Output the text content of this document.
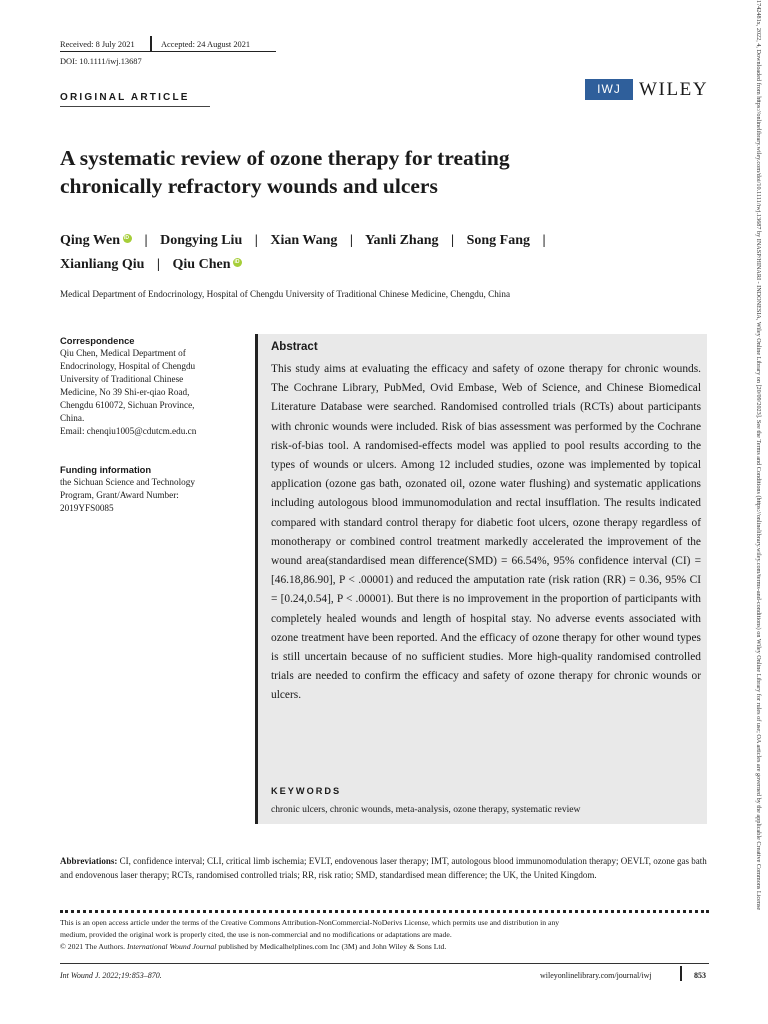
Received: 8 July 2021	Accepted: 24 August 2021
DOI: 10.1111/iwj.13687
ORIGINAL ARTICLE
IWJ WILEY
A systematic review of ozone therapy for treating
chronically refractory wounds and ulcers
Qing WeniD | Dongying Liu | Xian Wang | Yanli Zhang | Song Fang |
Xianliang Qiu | Qiu CheniD
Medical Department of Endocrinology, Hospital of Chengdu University of Traditional Chinese Medicine, Chengdu, China
Correspondence
Qiu Chen, Medical Department of
Endocrinology, Hospital of Chengdu
University of Traditional Chinese
Medicine, No 39 Shi-er-qiao Road,
Chengdu 610072, Sichuan Province,
China.
Email: chenqiu1005@cdutcm.edu.cn
Funding information
the Sichuan Science and Technology
Program, Grant/Award Number:
2019YFS0085
Abstract
This study aims at evaluating the efficacy and safety of ozone therapy for chronic wounds. The Cochrane Library, PubMed, Ovid Embase, Web of Science, and Chinese Biomedical Literature Database were searched. Randomised controlled trials (RCTs) about participants with chronic wounds were included. Risk of bias assessment was performed by the Cochrane risk-of-bias tool. A randomised-effects model was applied to pool results according to the types of wounds or ulcers. Among 12 included studies, ozone was implemented by topical application (ozone gas bath, ozonated oil, ozone water flushing) and systematic applications including autologous blood immunomodulation and rectal insufflation. The results indicated compared with standard control therapy for diabetic foot ulcers, ozone therapy regardless of monotherapy or combined control treatment markedly accelerated the improvement of the wound area(standardised mean difference(SMD) = 66.54%, 95% confidence interval (CI) = [46.18,86.90], P < .00001) and reduced the amputation rate (risk ration (RR) = 0.36, 95% CI = [0.24,0.54], P < .00001). But there is no improvement in the proportion of participants with completely healed wounds and length of hospital stay. No adverse events associated with ozone treatment have been reported. And the efficacy of ozone therapy for other wound types is still uncertain because of no sufficient studies. More high-quality randomised controlled trials are needed to confirm the efficacy and safety of ozone therapy for chronic wounds or ulcers.
KEYWORDS
chronic ulcers, chronic wounds, meta-analysis, ozone therapy, systematic review
Abbreviations: CI, confidence interval; CLI, critical limb ischemia; EVLT, endovenous laser therapy; IMT, autologous blood immunomodulation therapy; OEVLT, ozone gas bath and endovenous laser therapy; RCTs, randomised controlled trials; RR, risk ratio; SMD, standardised mean difference; the UK, the United Kingdom.
This is an open access article under the terms of the Creative Commons Attribution-NonCommercial-NoDerivs License, which permits use and distribution in any
medium, provided the original work is properly cited, the use is non-commercial and no modifications or adaptations are made.
© 2021 The Authors. International Wound Journal published by Medicalhelplines.com Inc (3M) and John Wiley & Sons Ltd.
Int Wound J. 2022;19:853–870.	wileyonlinelibrary.com/journal/iwj	853
1742481x, 2022, 4, Downloaded from https://onlinelibrary.wiley.com/doi/10.1111/iwj.13687 by INASP/HINARI - INDONESIA, Wiley Online Library on [20/09/2023]. See the Terms and Conditions (https://onlinelibrary.wiley.com/terms-and-conditions) on Wiley Online Library for rules of use; OA articles are governed by the applicable Creative Commons License
